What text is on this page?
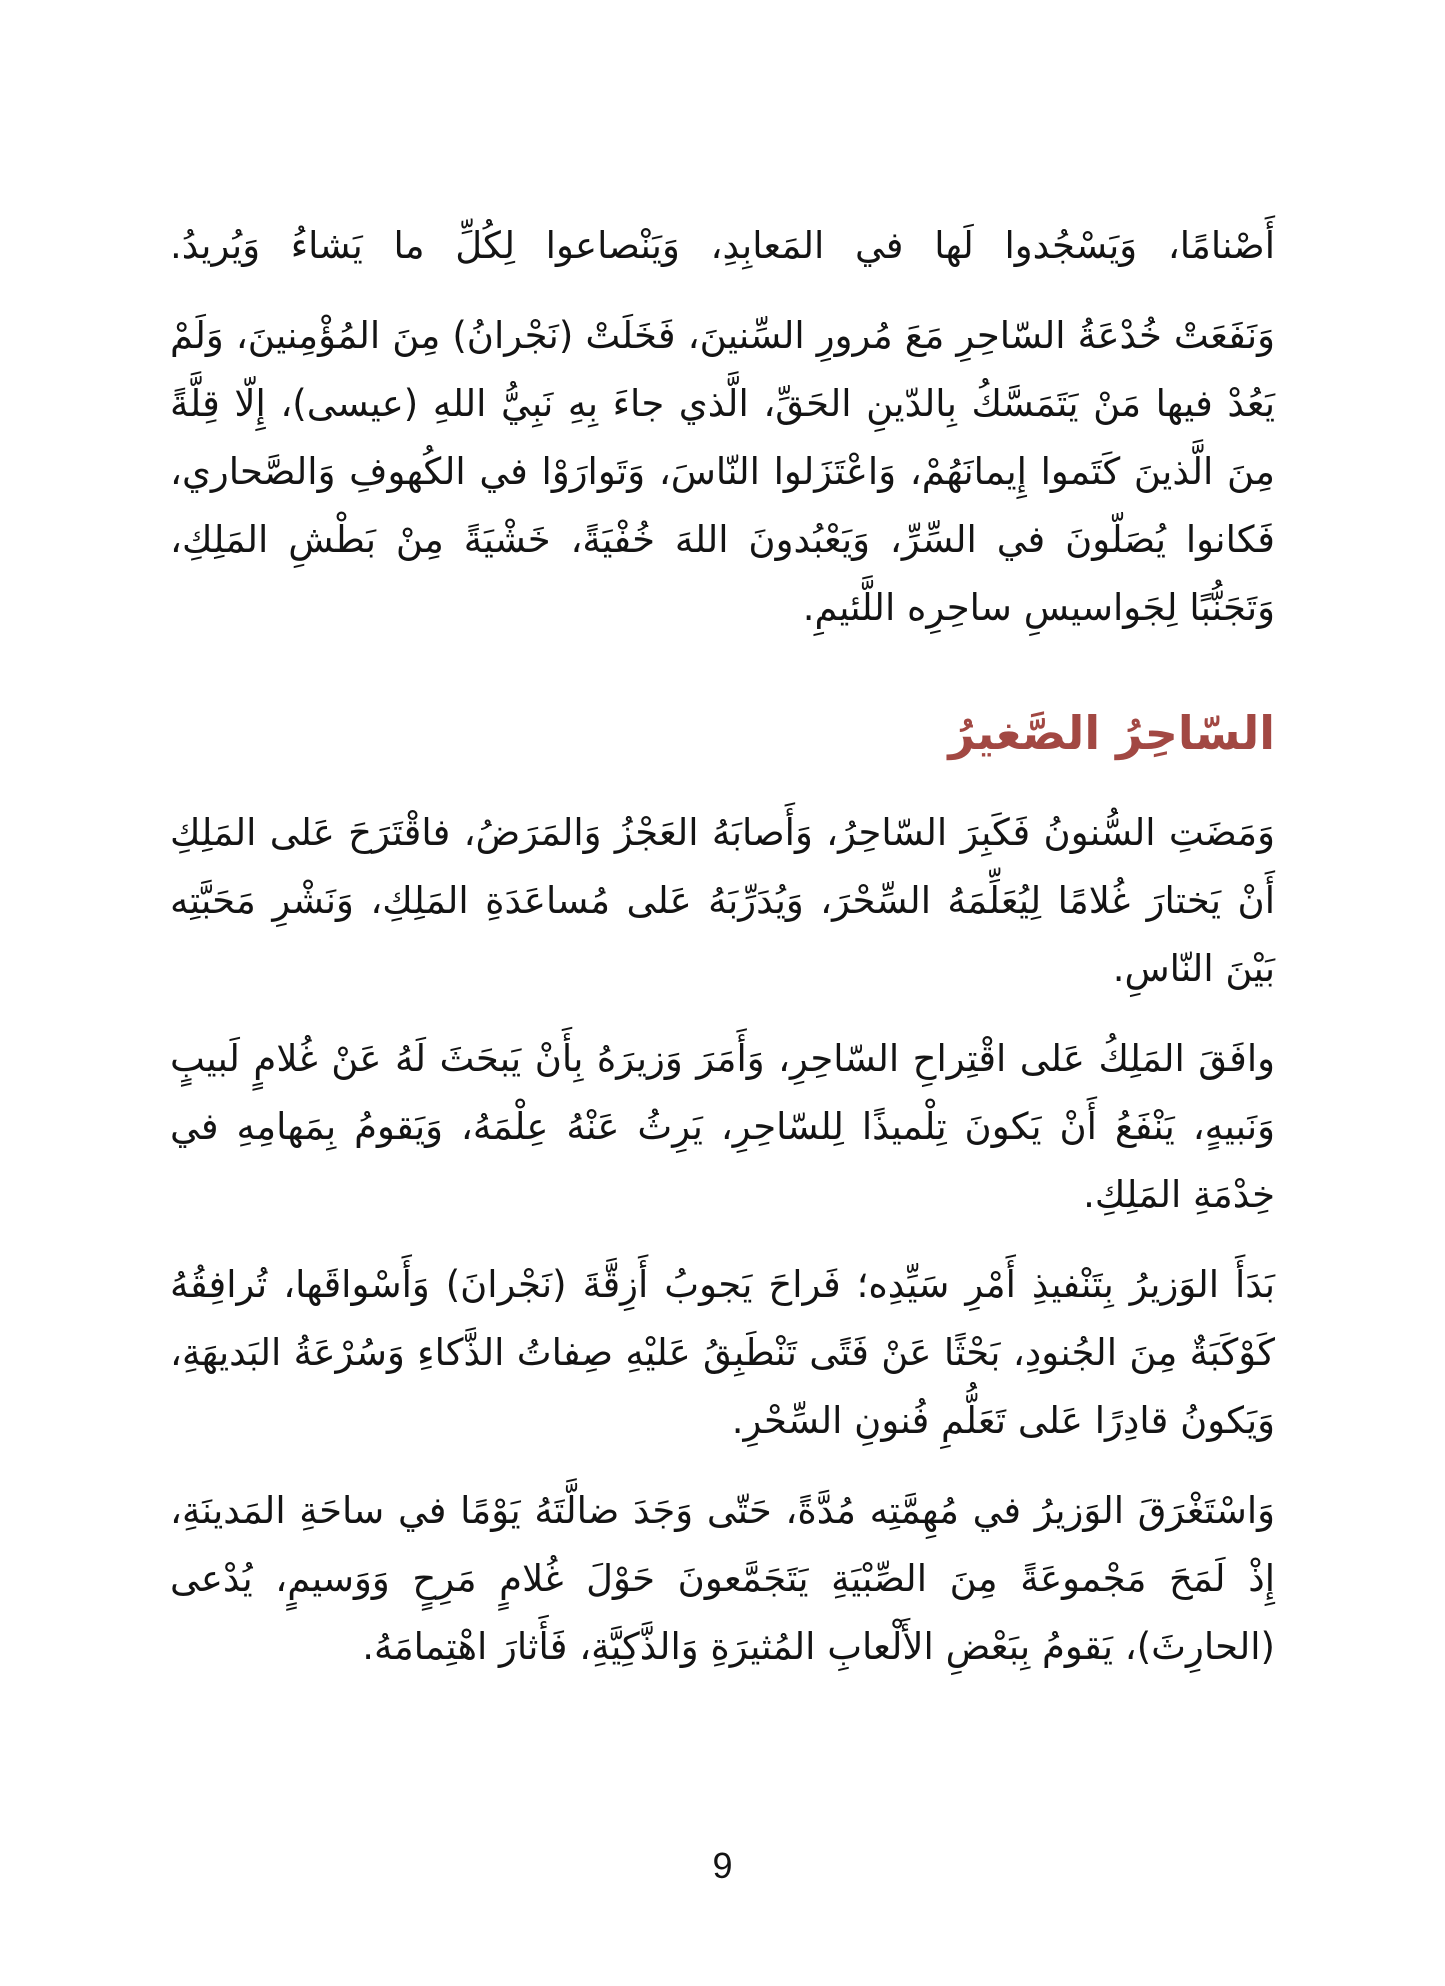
أَصْنامًا، وَيَسْجُدوا لَها في المَعابِدِ، وَيَنْصاعوا لِكُلِّ ما يَشاءُ وَيُريدُ.

وَنَفَعَتْ خُدْعَةُ السّاحِرِ مَعَ مُرورِ السِّنينَ، فَخَلَتْ (نَجْرانُ) مِنَ المُؤْمِنينَ، وَلَمْ يَعُدْ فيها مَنْ يَتَمَسَّكُ بِالدّينِ الحَقِّ، الَّذي جاءَ بِهِ نَبِيُّ اللهِ (عيسى)، إِلّا قِلَّةً مِنَ الَّذينَ كَتَموا إِيمانَهُمْ، وَاعْتَزَلوا النّاسَ، وَتَوارَوْا في الكُهوفِ وَالصَّحاري، فَكانوا يُصَلّونَ في السِّرِّ، وَيَعْبُدونَ اللهَ خُفْيَةً، خَشْيَةً مِنْ بَطْشِ المَلِكِ، وَتَجَنُّبًا لِجَواسيسِ ساحِرِه اللَّئيمِ.

السّاحِرُ الصَّغيرُ

وَمَضَتِ السُّنونُ فَكَبِرَ السّاحِرُ، وَأَصابَهُ العَجْزُ وَالمَرَضُ، فاقْتَرَحَ عَلى المَلِكِ أَنْ يَختارَ غُلامًا لِيُعَلِّمَهُ السِّحْرَ، وَيُدَرِّبَهُ عَلى مُساعَدَةِ المَلِكِ، وَنَشْرِ مَحَبَّتِه بَيْنَ النّاسِ.

وافَقَ المَلِكُ عَلى اقْتِراحِ السّاحِرِ، وَأَمَرَ وَزيرَهُ بِأَنْ يَبحَثَ لَهُ عَنْ غُلامٍ لَبيبٍ وَنَبيهٍ، يَنْفَعُ أَنْ يَكونَ تِلْميذًا لِلسّاحِرِ، يَرِثُ عَنْهُ عِلْمَهُ، وَيَقومُ بِمَهامِهِ في خِدْمَةِ المَلِكِ.

بَدَأَ الوَزيرُ بِتَنْفيذِ أَمْرِ سَيِّدِه؛ فَراحَ يَجوبُ أَزِقَّةَ (نَجْرانَ) وَأَسْواقَها، تُرافِقُهُ كَوْكَبَةٌ مِنَ الجُنودِ، بَحْثًا عَنْ فَتًى تَنْطَبِقُ عَليْهِ صِفاتُ الذَّكاءِ وَسُرْعَةُ البَديهَةِ، وَيَكونُ قادِرًا عَلى تَعَلُّمِ فُنونِ السِّحْرِ.

وَاسْتَغْرَقَ الوَزيرُ في مُهِمَّتِه مُدَّةً، حَتّى وَجَدَ ضالَّتَهُ يَوْمًا في ساحَةِ المَدينَةِ، إِذْ لَمَحَ مَجْموعَةً مِنَ الصِّبْيَةِ يَتَجَمَّعونَ حَوْلَ غُلامٍ مَرِحٍ وَوَسيمٍ، يُدْعى (الحارِثَ)، يَقومُ بِبَعْضِ الأَلْعابِ المُثيرَةِ وَالذَّكِيَّةِ، فَأَثارَ اهْتِمامَهُ.

9
